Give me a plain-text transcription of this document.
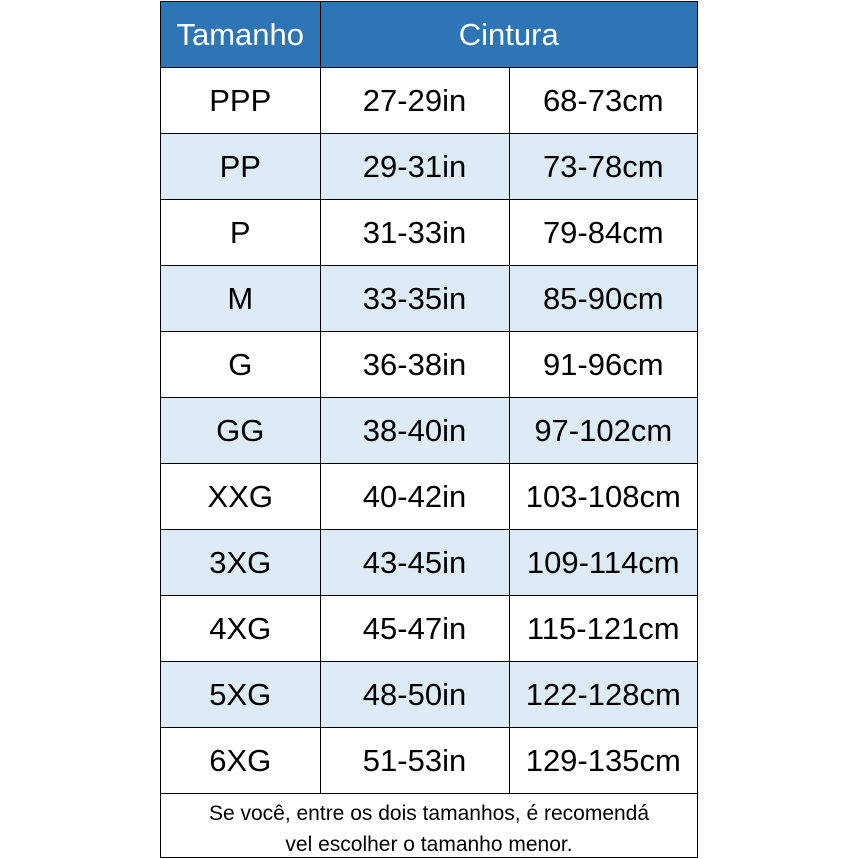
Tamanho	Cintura	
PPP	27-29in	68-73cm
PP	29-31in	73-78cm
P	31-33in	79-84cm
M	33-35in	85-90cm
G	36-38in	91-96cm
GG	38-40in	97-102cm
XXG	40-42in	103-108cm
3XG	43-45in	109-114cm
4XG	45-47in	115-121cm
5XG	48-50in	122-128cm
6XG	51-53in	129-135cm
Se você, entre os dois tamanhos, é recomendá
vel escolher o tamanho menor.
